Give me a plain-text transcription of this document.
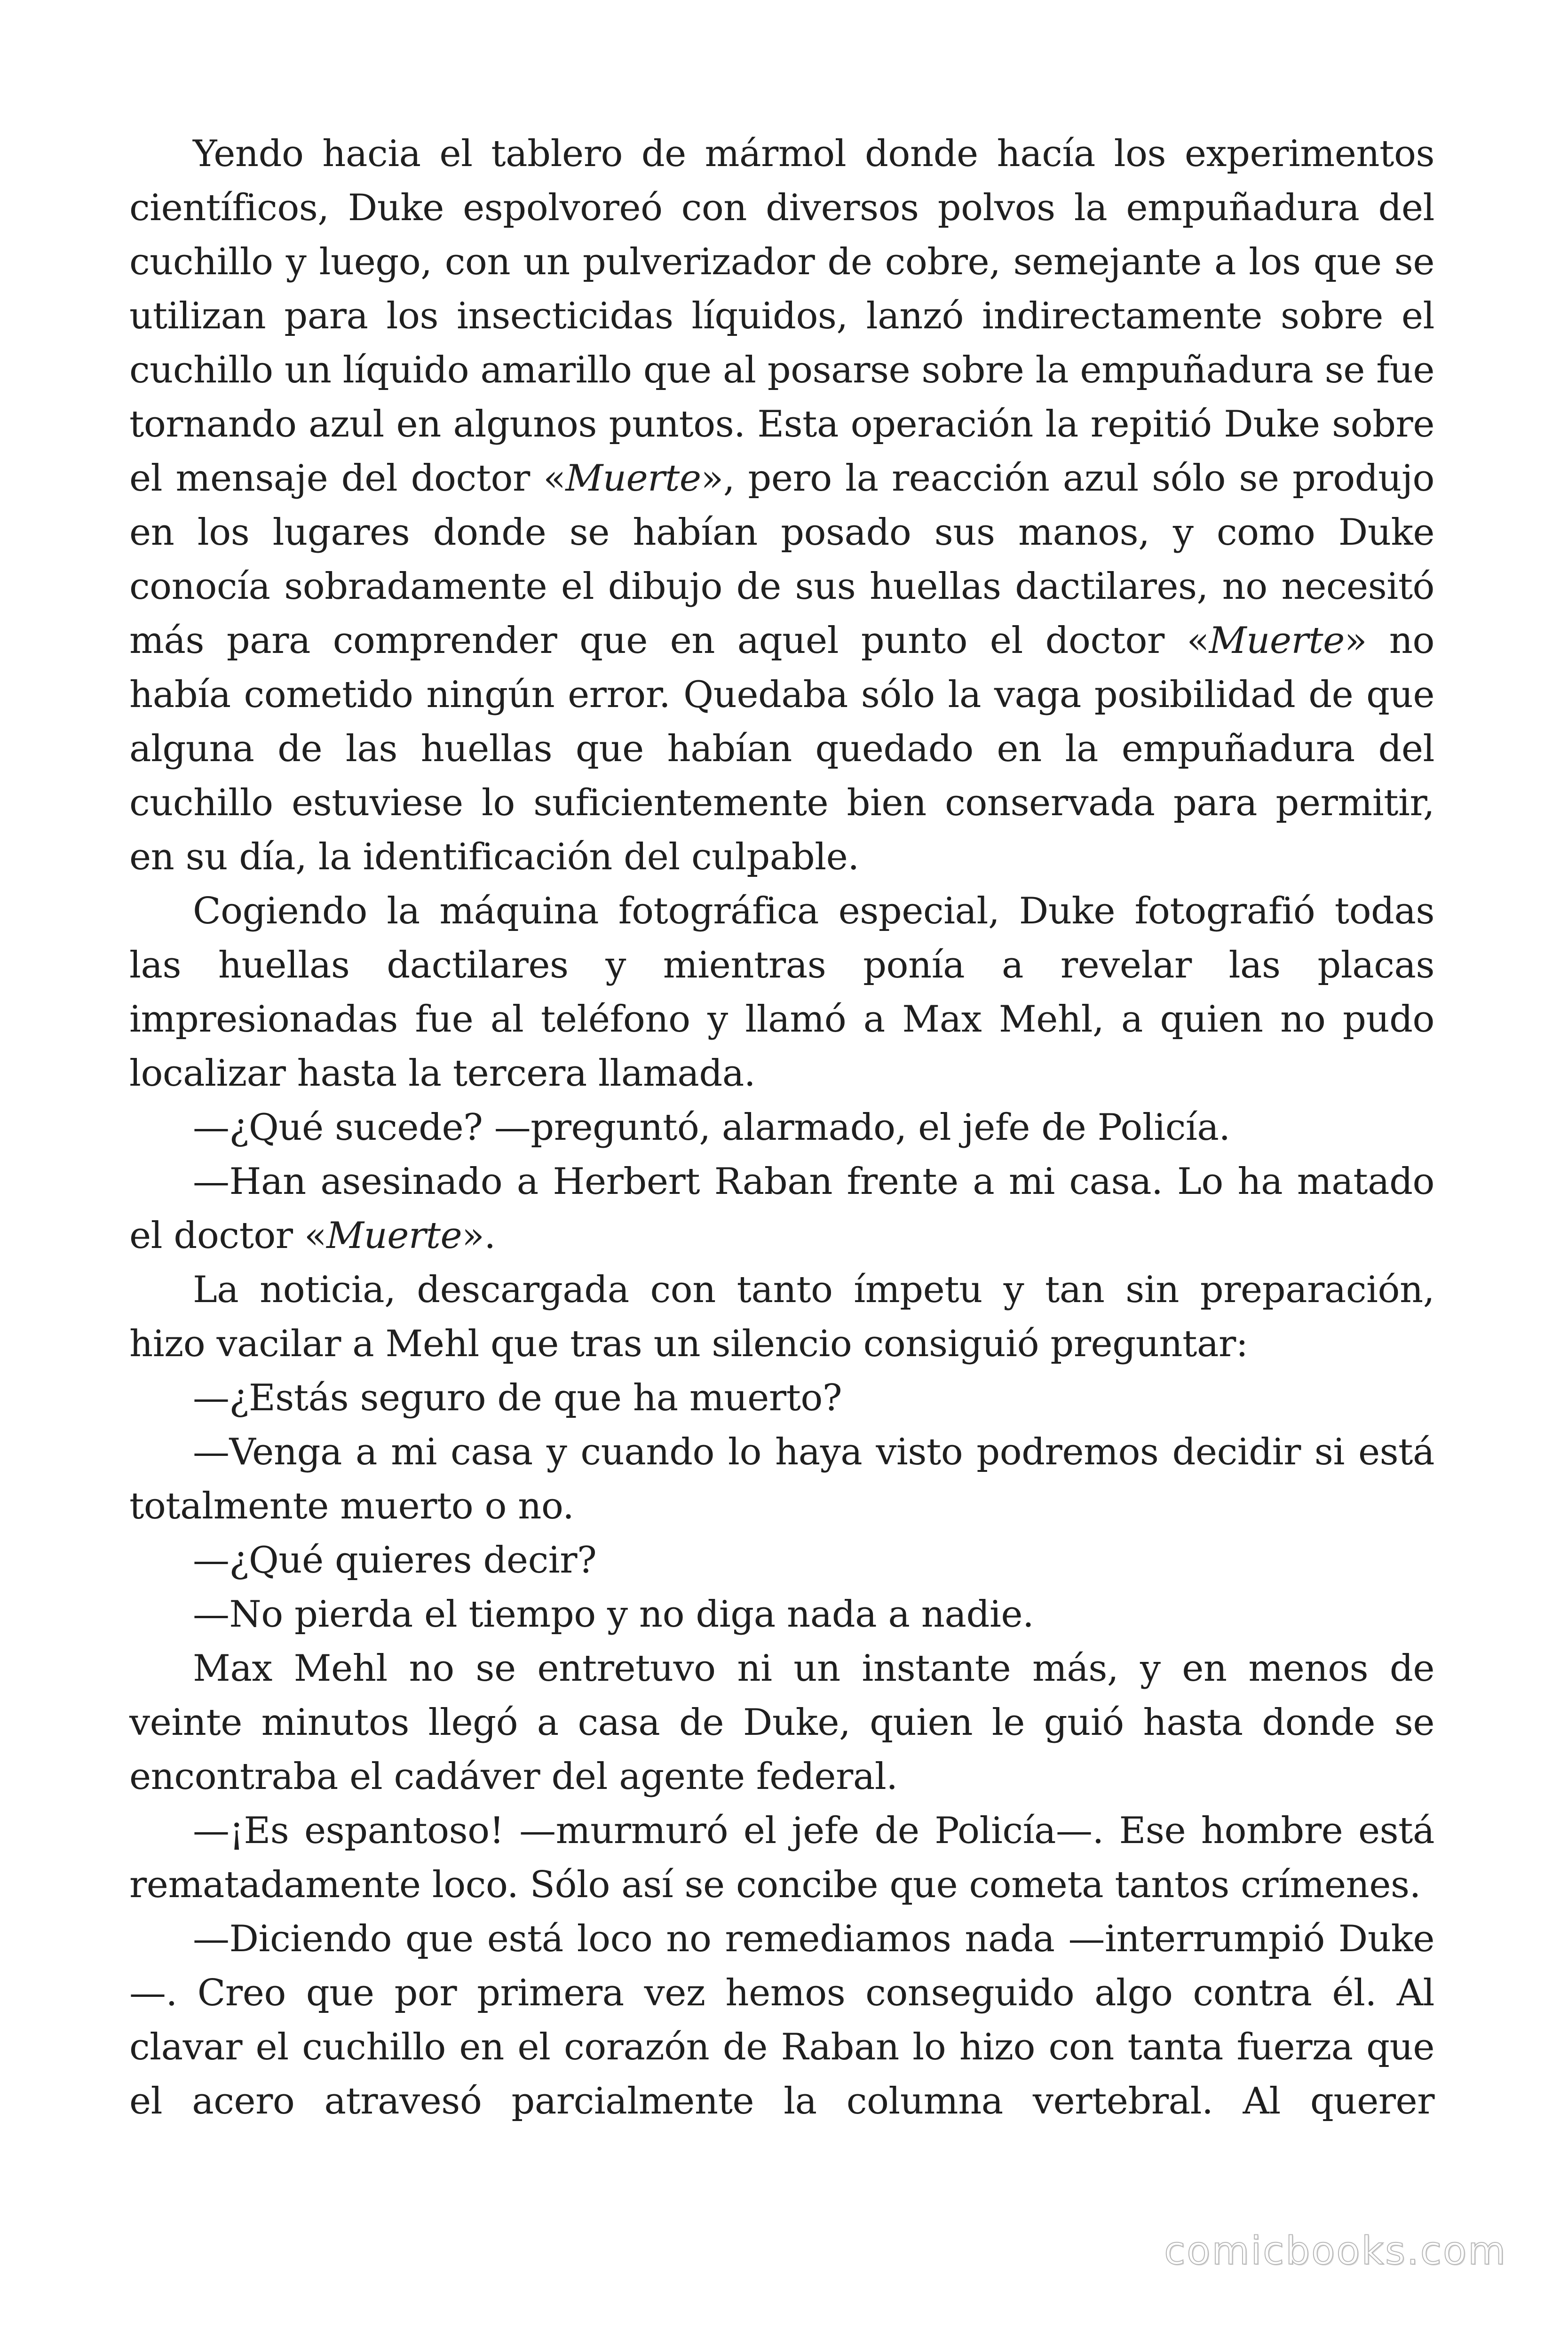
Yendo hacia el tablero de mármol donde hacía los experimentos científicos, Duke espolvoreó con diversos polvos la empuñadura del cuchillo y luego, con un pulverizador de cobre, semejante a los que se utilizan para los insecticidas líquidos, lanzó indirectamente sobre el cuchillo un líquido amarillo que al posarse sobre la empuñadura se fue tornando azul en algunos puntos. Esta operación la repitió Duke sobre el mensaje del doctor «Muerte», pero la reacción azul sólo se produjo en los lugares donde se habían posado sus manos, y como Duke conocía sobradamente el dibujo de sus huellas dactilares, no necesitó más para comprender que en aquel punto el doctor «Muerte» no había cometido ningún error. Quedaba sólo la vaga posibilidad de que alguna de las huellas que habían quedado en la empuñadura del cuchillo estuviese lo suficientemente bien conservada para permitir, en su día, la identificación del culpable.

Cogiendo la máquina fotográfica especial, Duke fotografió todas las huellas dactilares y mientras ponía a revelar las placas impresionadas fue al teléfono y llamó a Max Mehl, a quien no pudo localizar hasta la tercera llamada.

—¿Qué sucede? —preguntó, alarmado, el jefe de Policía.

—Han asesinado a Herbert Raban frente a mi casa. Lo ha matado el doctor «Muerte».

La noticia, descargada con tanto ímpetu y tan sin preparación, hizo vacilar a Mehl que tras un silencio consiguió preguntar:

—¿Estás seguro de que ha muerto?

—Venga a mi casa y cuando lo haya visto podremos decidir si está totalmente muerto o no.

—¿Qué quieres decir?

—No pierda el tiempo y no diga nada a nadie.

Max Mehl no se entretuvo ni un instante más, y en menos de veinte minutos llegó a casa de Duke, quien le guió hasta donde se encontraba el cadáver del agente federal.

—¡Es espantoso! —murmuró el jefe de Policía—. Ese hombre está rematadamente loco. Sólo así se concibe que cometa tantos crímenes.

—Diciendo que está loco no remediamos nada —interrumpió Duke—. Creo que por primera vez hemos conseguido algo contra él. Al clavar el cuchillo en el corazón de Raban lo hizo con tanta fuerza que el acero atravesó parcialmente la columna vertebral. Al querer

comicbooks.com
